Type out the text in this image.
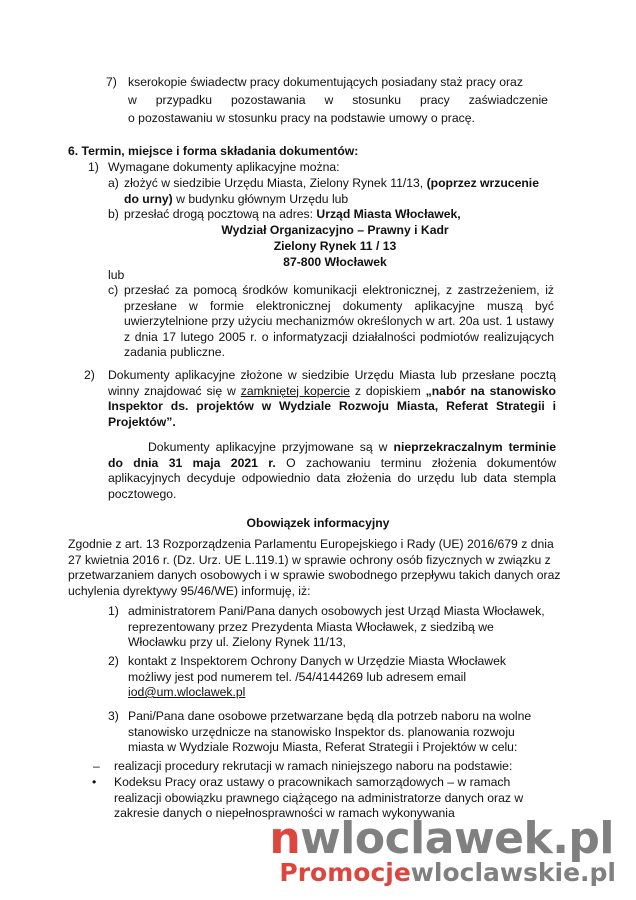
7) kserokopie świadectw pracy dokumentujących posiadany staż pracy oraz
w przypadku pozostawania w stosunku pracy zaświadczenie
o pozostawaniu w stosunku pracy na podstawie umowy o pracę.
6. Termin, miejsce i forma składania dokumentów:
1) Wymagane dokumenty aplikacyjne można:
a) złożyć w siedzibie Urzędu Miasta, Zielony Rynek 11/13, (poprzez wrzucenie
do urny) w budynku głównym Urzędu lub
b) przesłać drogą pocztową na adres: Urząd Miasta Włocławek,
Wydział Organizacyjno – Prawny i Kadr
Zielony Rynek 11 / 13
87-800 Włocławek
lub
c) przesłać za pomocą środków komunikacji elektronicznej, z zastrzeżeniem, iż przesłane w formie elektronicznej dokumenty aplikacyjne muszą być uwierzytelnione przy użyciu mechanizmów określonych w art. 20a ust. 1 ustawy z dnia 17 lutego 2005 r. o informatyzacji działalności podmiotów realizujących zadania publiczne.
2) Dokumenty aplikacyjne złożone w siedzibie Urzędu Miasta lub przesłane pocztą winny znajdować się w zamkniętej kopercie z dopiskiem „nabór na stanowisko Inspektor ds. projektów w Wydziale Rozwoju Miasta, Referat Strategii i Projektów”.
Dokumenty aplikacyjne przyjmowane są w nieprzekraczalnym terminie do dnia 31 maja 2021 r. O zachowaniu terminu złożenia dokumentów aplikacyjnych decyduje odpowiednio data złożenia do urzędu lub data stempla pocztowego.
Obowiązek informacyjny
Zgodnie z art. 13 Rozporządzenia Parlamentu Europejskiego i Rady (UE) 2016/679 z dnia 27 kwietnia 2016 r. (Dz. Urz. UE L.119.1) w sprawie ochrony osób fizycznych w związku z przetwarzaniem danych osobowych i w sprawie swobodnego przepływu takich danych oraz uchylenia dyrektywy 95/46/WE) informuję, iż:
1) administratorem Pani/Pana danych osobowych jest Urząd Miasta Włocławek, reprezentowany przez Prezydenta Miasta Włocławek, z siedzibą we Włocławku przy ul. Zielony Rynek 11/13,
2) kontakt z Inspektorem Ochrony Danych w Urzędzie Miasta Włocławek możliwy jest pod numerem tel. /54/4144269 lub adresem email
iod@um.wloclawek.pl
3) Pani/Pana dane osobowe przetwarzane będą dla potrzeb naboru na wolne stanowisko urzędnicze na stanowisko Inspektor ds. planowania rozwoju miasta w Wydziale Rozwoju Miasta, Referat Strategii i Projektów w celu:
– realizacji procedury rekrutacji w ramach niniejszego naboru na podstawie:
• Kodeksu Pracy oraz ustawy o pracownikach samorządowych – w ramach realizacji obowiązku prawnego ciążącego na administratorze danych oraz w zakresie danych o niepełnosprawności w ramach wykonywania
nwloclawek.pl
Promocjewloclawskie.pl
